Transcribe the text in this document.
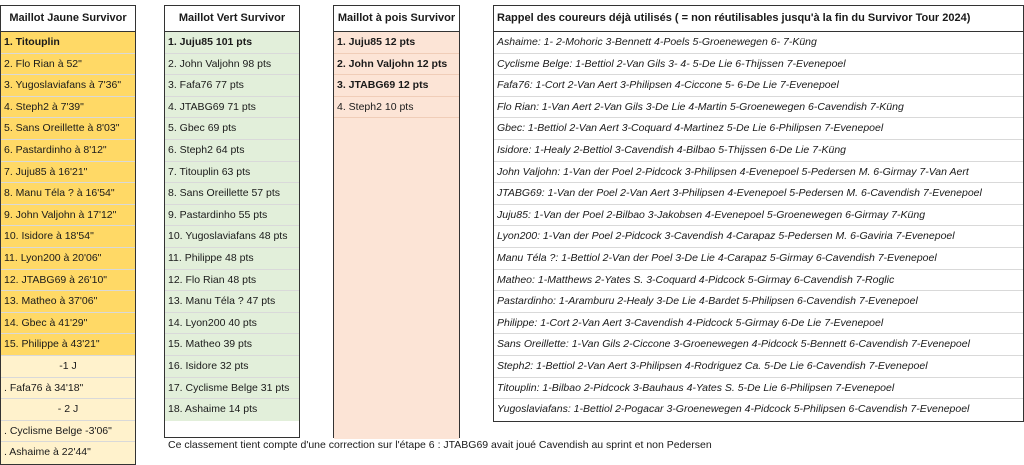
Maillot Jaune Survivor
1. Titouplin
2. Flo Rian à 52"
3. Yugoslaviafans à 7'36"
4. Steph2 à 7'39"
5. Sans Oreillette à 8'03"
6. Pastardinho à 8'12"
7. Juju85 à 16'21"
8. Manu Téla ? à 16'54"
9. John Valjohn à 17'12"
10. Isidore à 18'54"
11. Lyon200 à 20'06"
12. JTABG69 à 26'10"
13. Matheo à 37'06"
14. Gbec à 41'29"
15. Philippe à 43'21"
-1 J
. Fafa76 à 34'18"
- 2 J
. Cyclisme Belge -3'06"
. Ashaime à 22'44"
Maillot Vert Survivor
1. Juju85 101 pts
2. John Valjohn 98 pts
3. Fafa76 77 pts
4. JTABG69 71 pts
5. Gbec 69 pts
6. Steph2 64 pts
7. Titouplin 63 pts
8. Sans Oreillette 57 pts
9. Pastardinho 55 pts
10. Yugoslaviafans 48 pts
11. Philippe 48 pts
12. Flo Rian 48 pts
13. Manu Téla ? 47 pts
14. Lyon200 40 pts
15. Matheo 39 pts
16. Isidore 32 pts
17. Cyclisme Belge 31 pts
18. Ashaime 14 pts
Maillot à pois Survivor
1. Juju85 12 pts
2. John Valjohn 12 pts
3. JTABG69 12 pts
4. Steph2 10 pts
Rappel des coureurs déjà utilisés ( = non réutilisables jusqu'à la fin du Survivor Tour 2024)
Ashaime: 1- 2-Mohoric 3-Bennett 4-Poels 5-Groenewegen 6- 7-Küng
Cyclisme Belge: 1-Bettiol 2-Van Gils 3- 4- 5-De Lie 6-Thijssen 7-Evenepoel
Fafa76: 1-Cort 2-Van Aert 3-Philipsen 4-Ciccone 5- 6-De Lie 7-Evenepoel
Flo Rian: 1-Van Aert 2-Van Gils 3-De Lie 4-Martin 5-Groenewegen 6-Cavendish 7-Küng
Gbec: 1-Bettiol 2-Van Aert 3-Coquard 4-Martinez 5-De Lie 6-Philipsen 7-Evenepoel
Isidore: 1-Healy 2-Bettiol 3-Cavendish 4-Bilbao 5-Thijssen 6-De Lie 7-Küng
John Valjohn: 1-Van der Poel 2-Pidcock 3-Philipsen 4-Evenepoel 5-Pedersen M. 6-Girmay 7-Van Aert
JTABG69: 1-Van der Poel 2-Van Aert 3-Philipsen 4-Evenepoel 5-Pedersen M. 6-Cavendish 7-Evenepoel
Juju85: 1-Van der Poel 2-Bilbao 3-Jakobsen 4-Evenepoel 5-Groenewegen 6-Girmay 7-Küng
Lyon200: 1-Van der Poel 2-Pidcock 3-Cavendish 4-Carapaz 5-Pedersen M. 6-Gaviria 7-Evenepoel
Manu Téla ?: 1-Bettiol 2-Van der Poel 3-De Lie 4-Carapaz 5-Girmay 6-Cavendish 7-Evenepoel
Matheo: 1-Matthews 2-Yates S. 3-Coquard 4-Pidcock 5-Girmay 6-Cavendish 7-Roglic
Pastardinho: 1-Aramburu 2-Healy 3-De Lie 4-Bardet 5-Philipsen 6-Cavendish 7-Evenepoel
Philippe: 1-Cort 2-Van Aert 3-Cavendish 4-Pidcock 5-Girmay 6-De Lie 7-Evenepoel
Sans Oreillette: 1-Van Gils 2-Ciccone 3-Groenewegen 4-Pidcock 5-Bennett 6-Cavendish 7-Evenepoel
Steph2: 1-Bettiol 2-Van Aert 3-Philipsen 4-Rodriguez Ca. 5-De Lie 6-Cavendish 7-Evenepoel
Titouplin: 1-Bilbao 2-Pidcock 3-Bauhaus 4-Yates S. 5-De Lie 6-Philipsen 7-Evenepoel
Yugoslaviafans: 1-Bettiol 2-Pogacar 3-Groenewegen 4-Pidcock 5-Philipsen 6-Cavendish 7-Evenepoel
Ce classement tient compte d'une correction sur l'étape 6 : JTABG69 avait joué Cavendish au sprint et non Pedersen
